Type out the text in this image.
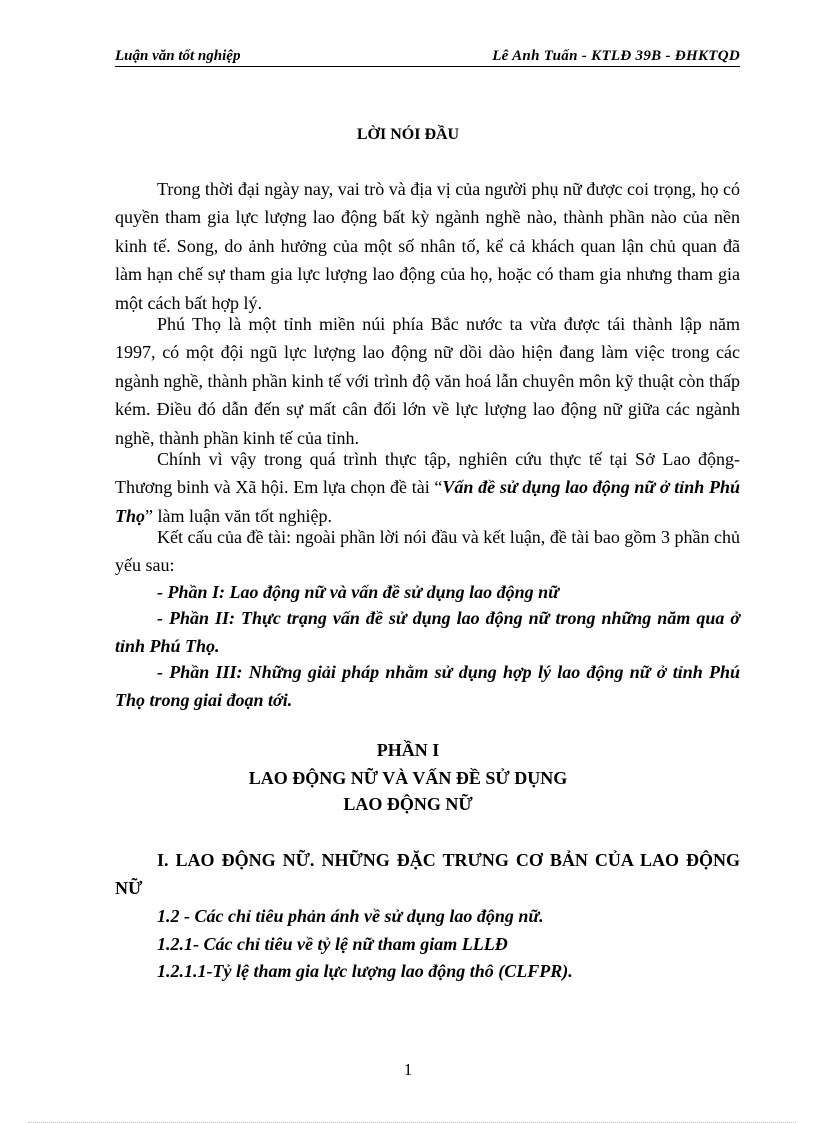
Luận văn tốt nghiệp	Lê Anh Tuấn - KTLĐ 39B - ĐHKTQD
LỜI NÓI ĐẦU

Trong thời đại ngày nay, vai trò và địa vị của người phụ nữ được coi trọng, họ có quyền tham gia lực lượng lao động bất kỳ ngành nghề nào, thành phần nào của nền kinh tế. Song, do ảnh hưởng của một số nhân tố, kể cả khách quan lận chủ quan đã làm hạn chế sự tham gia lực lượng lao động của họ, hoặc có tham gia nhưng tham gia một cách bất hợp lý.

Phú Thọ là một tỉnh miền núi phía Bắc nước ta vừa được tái thành lập năm 1997, có một đội ngũ lực lượng lao động nữ dồi dào hiện đang làm việc trong các ngành nghề, thành phần kinh tế với trình độ văn hoá lẫn chuyên môn kỹ thuật còn thấp kém. Điều đó dẫn đến sự mất cân đối lớn về lực lượng lao động nữ giữa các ngành nghề, thành phần kinh tế của tỉnh.

Chính vì vậy trong quá trình thực tập, nghiên cứu thực tế tại Sở Lao động-Thương binh và Xã hội. Em lựa chọn đề tài “Vấn đề sử dụng lao động nữ ở tỉnh Phú Thọ” làm luận văn tốt nghiệp.

Kết cấu của đề tài: ngoài phần lời nói đầu và kết luận, đề tài bao gồm 3 phần chủ yếu sau:

- Phần I: Lao động nữ và vấn đề sử dụng lao động nữ

- Phần II: Thực trạng vấn đề sử dụng lao động nữ trong những năm qua ở tỉnh Phú Thọ.

- Phần III: Những giải pháp nhằm sử dụng hợp lý lao động nữ ở tỉnh Phú Thọ trong giai đoạn tới.

PHẦN I
LAO ĐỘNG NỮ VÀ VẤN ĐỀ SỬ DỤNG
LAO ĐỘNG NỮ

I. LAO ĐỘNG NỮ. NHỮNG ĐẶC TRƯNG CƠ BẢN CỦA LAO ĐỘNG NỮ

1.2 - Các chỉ tiêu phản ánh về sử dụng lao động nữ.

1.2.1- Các chỉ tiêu về tỷ lệ nữ tham giam LLLĐ

1.2.1.1-Tỷ lệ tham gia lực lượng lao động thô (CLFPR).

1
